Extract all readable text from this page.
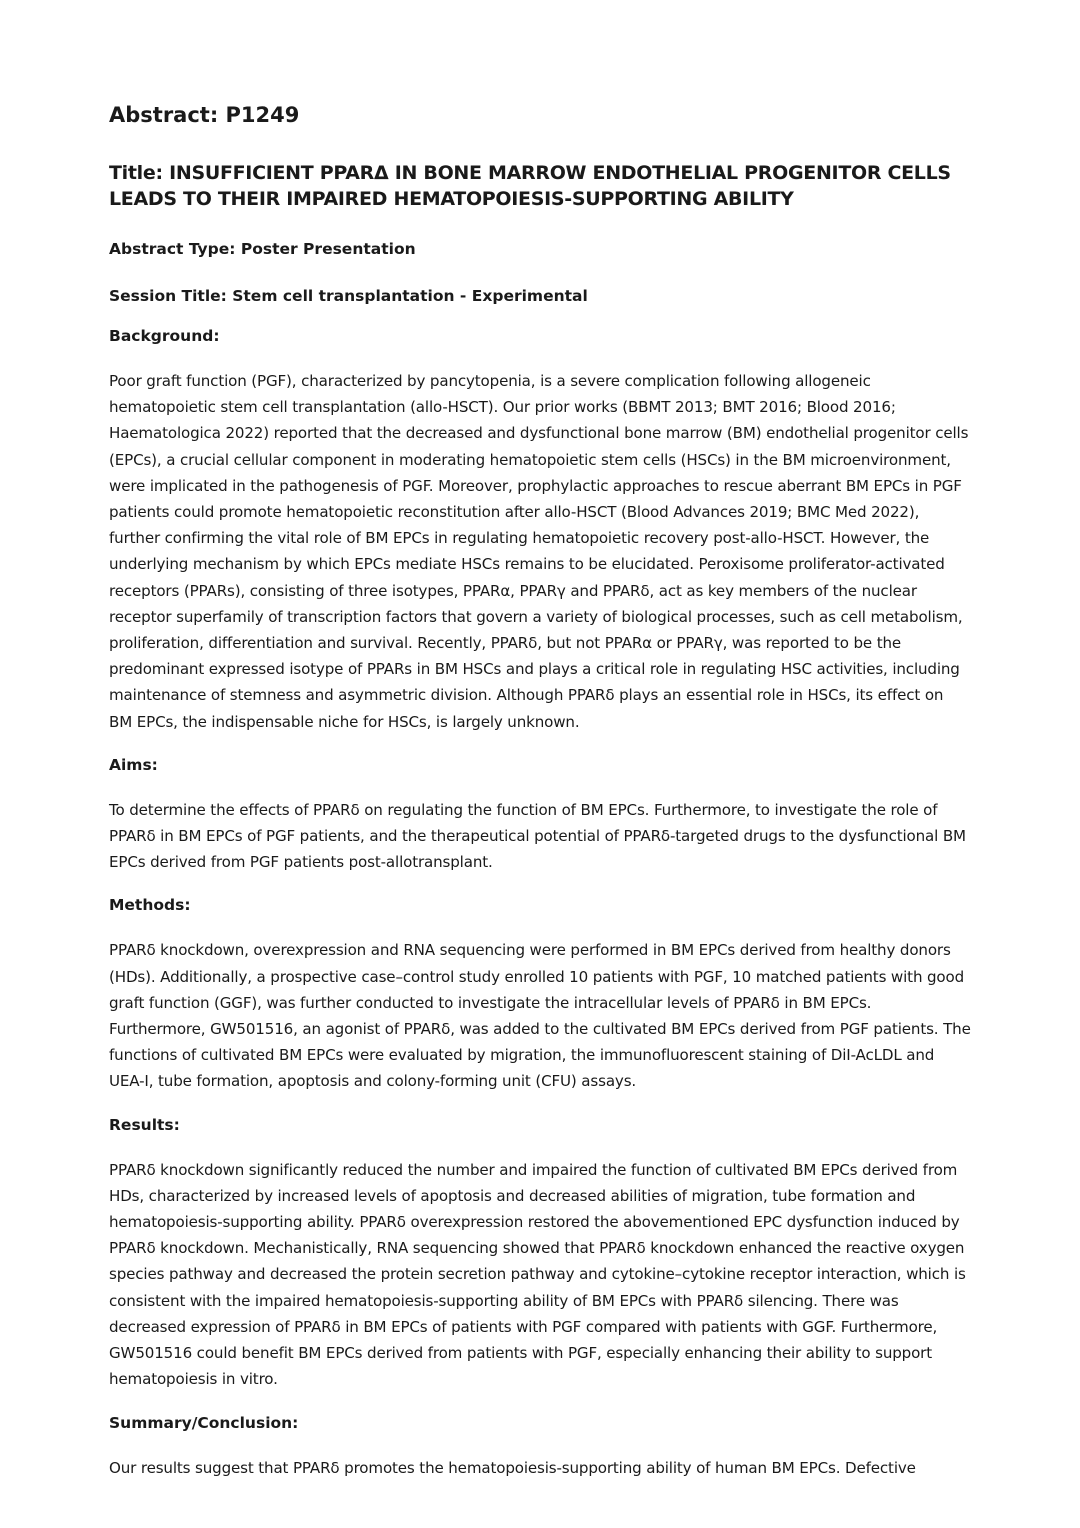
Abstract: P1249
Title: INSUFFICIENT PPARΔ IN BONE MARROW ENDOTHELIAL PROGENITOR CELLS LEADS TO THEIR IMPAIRED HEMATOPOIESIS-SUPPORTING ABILITY
Abstract Type: Poster Presentation
Session Title: Stem cell transplantation - Experimental
Background:
Poor graft function (PGF), characterized by pancytopenia, is a severe complication following allogeneic hematopoietic stem cell transplantation (allo-HSCT). Our prior works (BBMT 2013; BMT 2016; Blood 2016; Haematologica 2022) reported that the decreased and dysfunctional bone marrow (BM) endothelial progenitor cells (EPCs), a crucial cellular component in moderating hematopoietic stem cells (HSCs) in the BM microenvironment, were implicated in the pathogenesis of PGF. Moreover, prophylactic approaches to rescue aberrant BM EPCs in PGF patients could promote hematopoietic reconstitution after allo-HSCT (Blood Advances 2019; BMC Med 2022), further confirming the vital role of BM EPCs in regulating hematopoietic recovery post-allo-HSCT. However, the underlying mechanism by which EPCs mediate HSCs remains to be elucidated. Peroxisome proliferator-activated receptors (PPARs), consisting of three isotypes, PPARα, PPARγ and PPARδ, act as key members of the nuclear receptor superfamily of transcription factors that govern a variety of biological processes, such as cell metabolism, proliferation, differentiation and survival. Recently, PPARδ, but not PPARα or PPARγ, was reported to be the predominant expressed isotype of PPARs in BM HSCs and plays a critical role in regulating HSC activities, including maintenance of stemness and asymmetric division. Although PPARδ plays an essential role in HSCs, its effect on BM EPCs, the indispensable niche for HSCs, is largely unknown.
Aims:
To determine the effects of PPARδ on regulating the function of BM EPCs. Furthermore, to investigate the role of PPARδ in BM EPCs of PGF patients, and the therapeutical potential of PPARδ-targeted drugs to the dysfunctional BM EPCs derived from PGF patients post-allotransplant.
Methods:
PPARδ knockdown, overexpression and RNA sequencing were performed in BM EPCs derived from healthy donors (HDs). Additionally, a prospective case–control study enrolled 10 patients with PGF, 10 matched patients with good graft function (GGF), was further conducted to investigate the intracellular levels of PPARδ in BM EPCs. Furthermore, GW501516, an agonist of PPARδ, was added to the cultivated BM EPCs derived from PGF patients. The functions of cultivated BM EPCs were evaluated by migration, the immunofluorescent staining of DiI-AcLDL and UEA-I, tube formation, apoptosis and colony-forming unit (CFU) assays.
Results:
PPARδ knockdown significantly reduced the number and impaired the function of cultivated BM EPCs derived from HDs, characterized by increased levels of apoptosis and decreased abilities of migration, tube formation and hematopoiesis-supporting ability. PPARδ overexpression restored the abovementioned EPC dysfunction induced by PPARδ knockdown. Mechanistically, RNA sequencing showed that PPARδ knockdown enhanced the reactive oxygen species pathway and decreased the protein secretion pathway and cytokine–cytokine receptor interaction, which is consistent with the impaired hematopoiesis-supporting ability of BM EPCs with PPARδ silencing. There was decreased expression of PPARδ in BM EPCs of patients with PGF compared with patients with GGF. Furthermore, GW501516 could benefit BM EPCs derived from patients with PGF, especially enhancing their ability to support hematopoiesis in vitro.
Summary/Conclusion:
Our results suggest that PPARδ promotes the hematopoiesis-supporting ability of human BM EPCs. Defective
